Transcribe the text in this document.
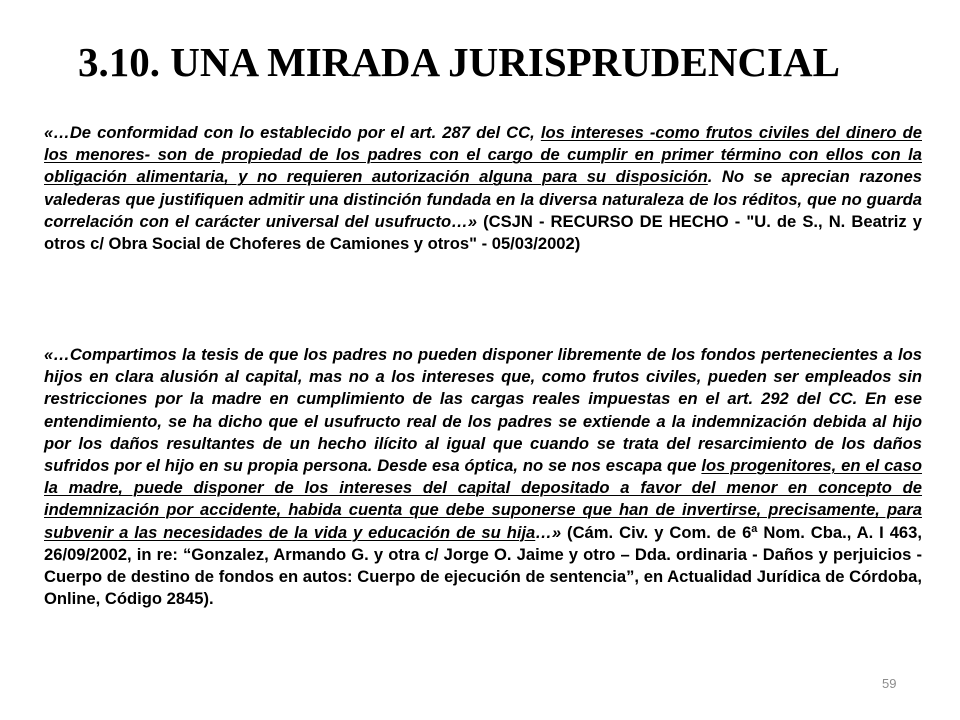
3.10. UNA MIRADA JURISPRUDENCIAL

«…De conformidad con lo establecido por el art. 287 del CC, los intereses -como frutos civiles del dinero de los menores- son de propiedad de los padres con el cargo de cumplir en primer término con ellos con la obligación alimentaria, y no requieren autorización alguna para su disposición. No se aprecian razones valederas que justifiquen admitir una distinción fundada en la diversa naturaleza de los réditos, que no guarda correlación con el carácter universal del usufructo…» (CSJN - RECURSO DE HECHO - "U. de S., N. Beatriz y otros c/ Obra Social de Choferes de Camiones y otros" - 05/03/2002)

«…Compartimos la tesis de que los padres no pueden disponer libremente de los fondos pertenecientes a los hijos en clara alusión al capital, mas no a los intereses que, como frutos civiles, pueden ser empleados sin restricciones por la madre en cumplimiento de las cargas reales impuestas en el art. 292 del CC. En ese entendimiento, se ha dicho que el usufructo real de los padres se extiende a la indemnización debida al hijo por los daños resultantes de un hecho ilícito al igual que cuando se trata del resarcimiento de los daños sufridos por el hijo en su propia persona. Desde esa óptica, no se nos escapa que los progenitores, en el caso la madre, puede disponer de los intereses del capital depositado a favor del menor en concepto de indemnización por accidente, habida cuenta que debe suponerse que han de invertirse, precisamente, para subvenir a las necesidades de la vida y educación de su hija…» (Cám. Civ. y Com. de 6ª Nom. Cba., A. I 463, 26/09/2002, in re: “Gonzalez, Armando G. y otra c/ Jorge O. Jaime y otro – Dda. ordinaria - Daños y perjuicios - Cuerpo de destino de fondos en autos: Cuerpo de ejecución de sentencia”, en Actualidad Jurídica de Córdoba, Online, Código 2845).

59
